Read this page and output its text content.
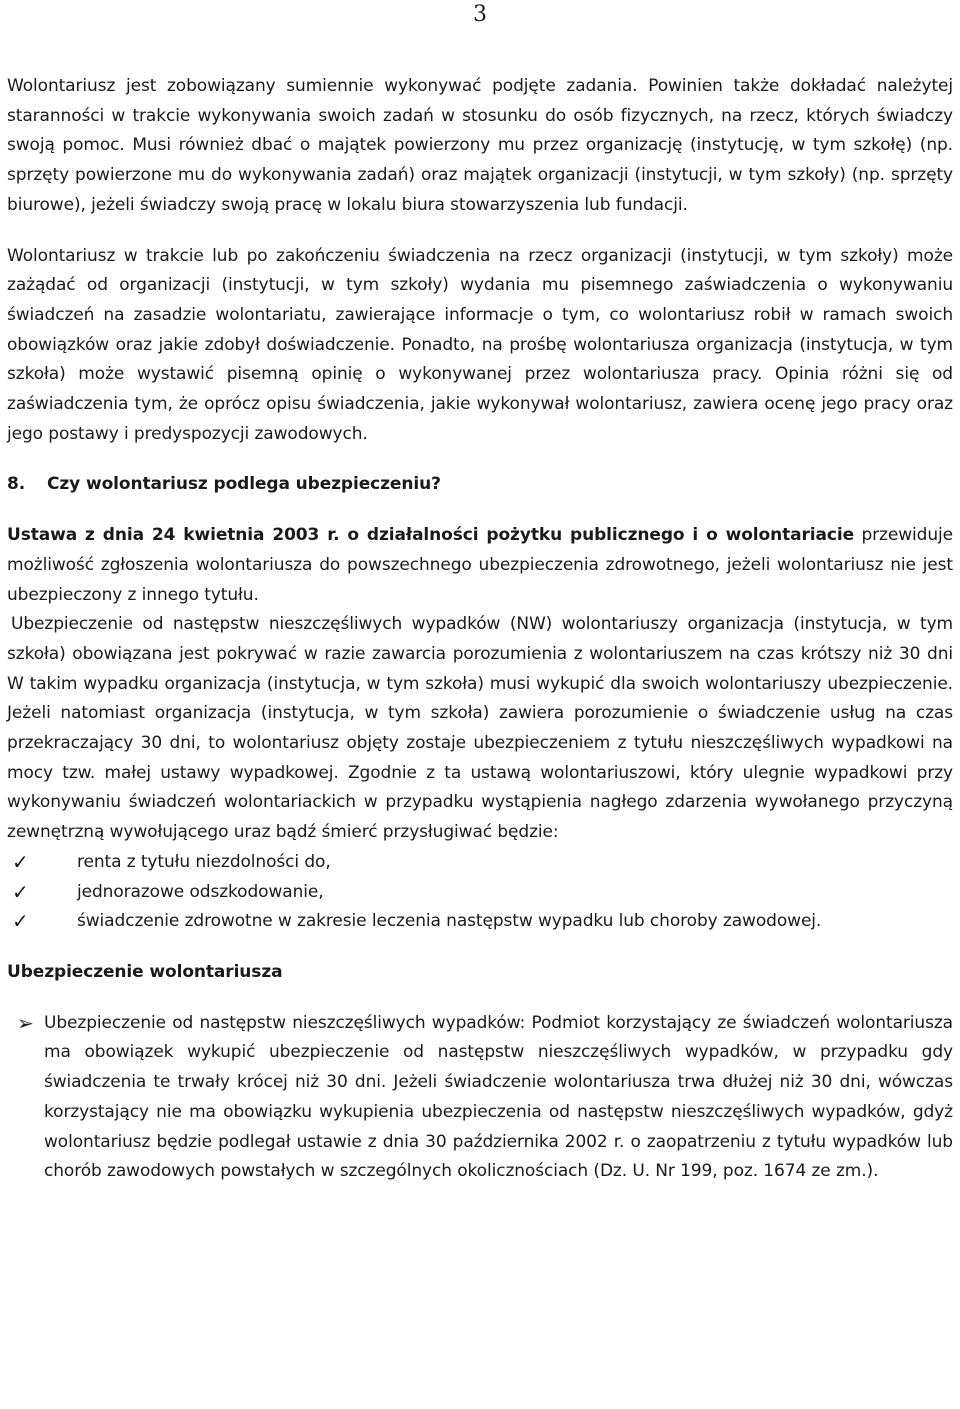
3

Wolontariusz jest zobowiązany sumiennie wykonywać podjęte zadania. Powinien także dokładać należytej staranności w trakcie wykonywania swoich zadań w stosunku do osób fizycznych, na rzecz, których świadczy swoją pomoc. Musi również dbać o majątek powierzony mu przez organizację (instytucję, w tym szkołę) (np. sprzęty powierzone mu do wykonywania zadań) oraz majątek organizacji (instytucji, w tym szkoły) (np. sprzęty biurowe), jeżeli świadczy swoją pracę w lokalu biura stowarzyszenia lub fundacji.

Wolontariusz w trakcie lub po zakończeniu świadczenia na rzecz organizacji (instytucji, w tym szkoły) może zażądać od organizacji (instytucji, w tym szkoły) wydania mu pisemnego zaświadczenia o wykonywaniu świadczeń na zasadzie wolontariatu, zawierające informacje o tym, co wolontariusz robił w ramach swoich obowiązków oraz jakie zdobył doświadczenie. Ponadto, na prośbę wolontariusza organizacja (instytucja, w tym szkoła) może wystawić pisemną opinię o wykonywanej przez wolontariusza pracy. Opinia różni się od zaświadczenia tym, że oprócz opisu świadczenia, jakie wykonywał wolontariusz, zawiera ocenę jego pracy oraz jego postawy i predyspozycji zawodowych.

8. Czy wolontariusz podlega ubezpieczeniu?

Ustawa z dnia 24 kwietnia 2003 r. o działalności pożytku publicznego i o wolontariacie przewiduje możliwość zgłoszenia wolontariusza do powszechnego ubezpieczenia zdrowotnego, jeżeli wolontariusz nie jest ubezpieczony z innego tytułu.

Ubezpieczenie od następstw nieszczęśliwych wypadków (NW) wolontariuszy organizacja (instytucja, w tym szkoła) obowiązana jest pokrywać w razie zawarcia porozumienia z wolontariuszem na czas krótszy niż 30 dni W takim wypadku organizacja (instytucja, w tym szkoła) musi wykupić dla swoich wolontariuszy ubezpieczenie. Jeżeli natomiast organizacja (instytucja, w tym szkoła) zawiera porozumienie o świadczenie usług na czas przekraczający 30 dni, to wolontariusz objęty zostaje ubezpieczeniem z tytułu nieszczęśliwych wypadkowi na mocy tzw. małej ustawy wypadkowej. Zgodnie z ta ustawą wolontariuszowi, który ulegnie wypadkowi przy wykonywaniu świadczeń wolontariackich w przypadku wystąpienia nagłego zdarzenia wywołanego przyczyną zewnętrzną wywołującego uraz bądź śmierć przysługiwać będzie:

✓	renta z tytułu niezdolności do,
✓	jednorazowe odszkodowanie,
✓	świadczenie zdrowotne w zakresie leczenia następstw wypadku lub choroby zawodowej.

Ubezpieczenie wolontariusza

➢ Ubezpieczenie od następstw nieszczęśliwych wypadków: Podmiot korzystający ze świadczeń wolontariusza ma obowiązek wykupić ubezpieczenie od następstw nieszczęśliwych wypadków, w przypadku gdy świadczenia te trwały krócej niż 30 dni. Jeżeli świadczenie wolontariusza trwa dłużej niż 30 dni, wówczas korzystający nie ma obowiązku wykupienia ubezpieczenia od następstw nieszczęśliwych wypadków, gdyż wolontariusz będzie podlegał ustawie z dnia 30 października 2002 r. o zaopatrzeniu z tytułu wypadków lub chorób zawodowych powstałych w szczególnych okolicznościach (Dz. U. Nr 199, poz. 1674 ze zm.).
